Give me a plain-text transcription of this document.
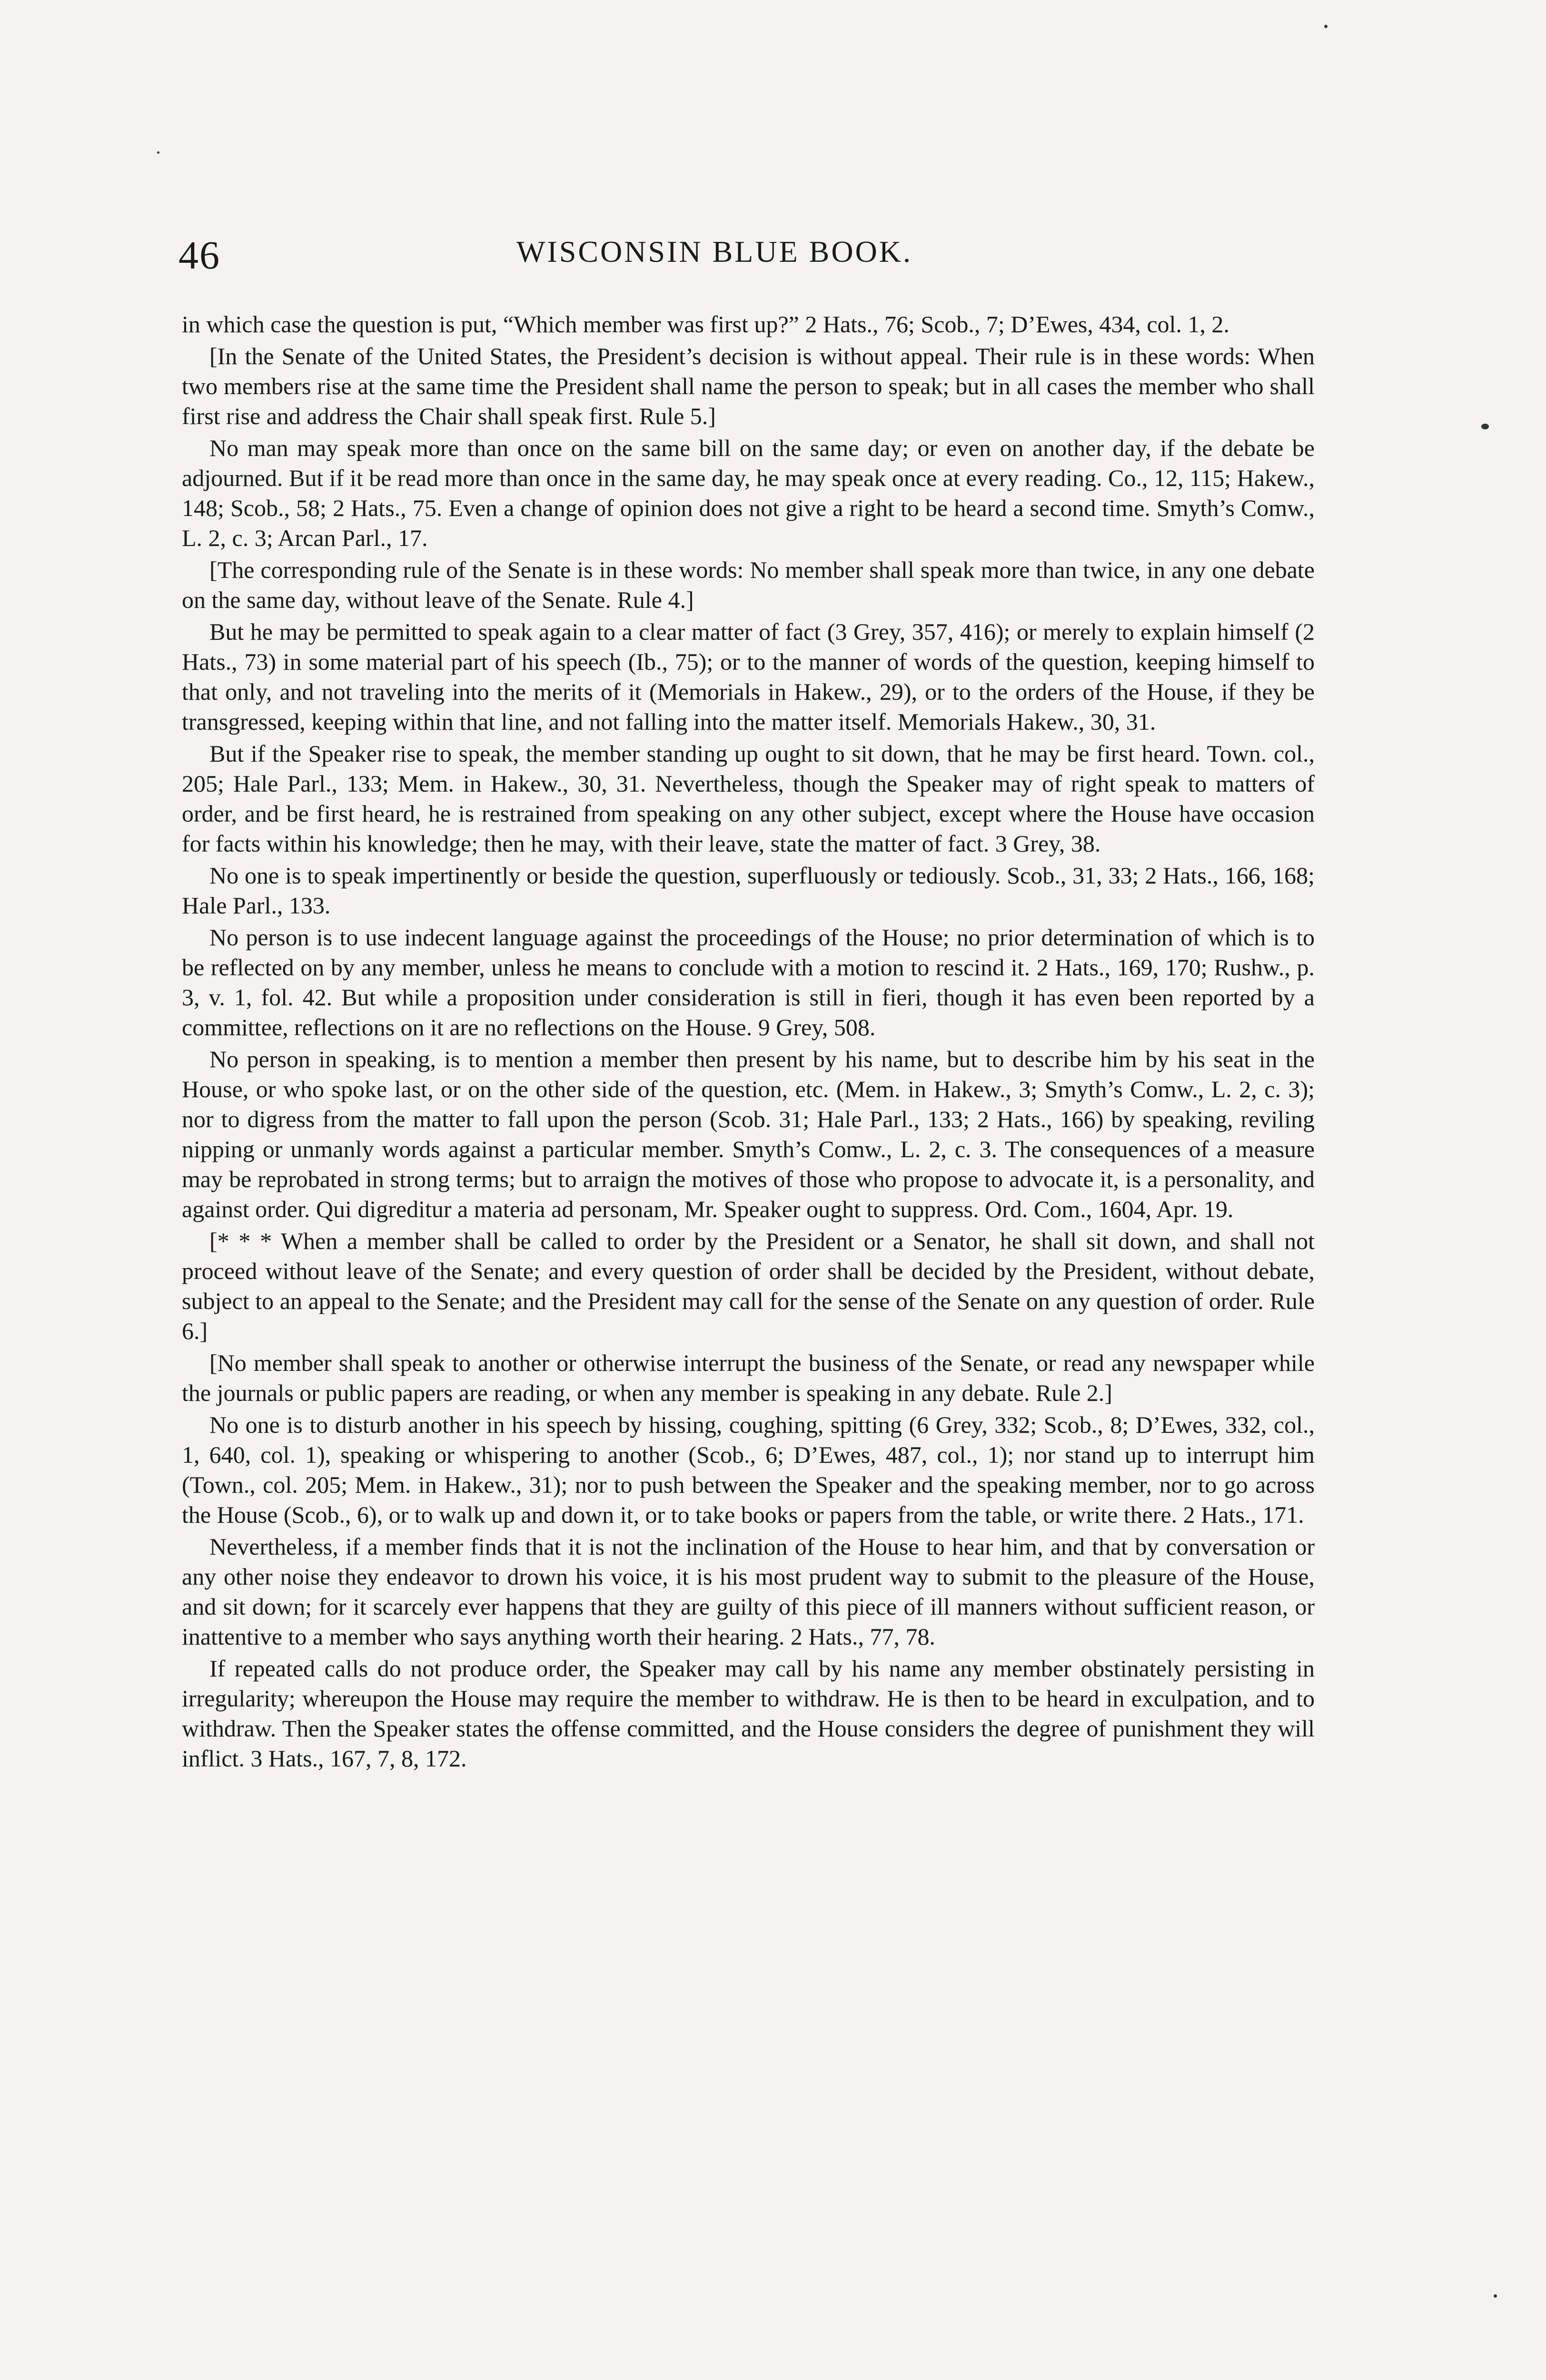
46	WISCONSIN BLUE BOOK.

in which case the question is put, “Which member was first up?” 2 Hats., 76; Scob., 7; D’Ewes, 434, col. 1, 2.

[In the Senate of the United States, the President’s decision is without appeal. Their rule is in these words: When two members rise at the same time the President shall name the person to speak; but in all cases the member who shall first rise and address the Chair shall speak first. Rule 5.]

No man may speak more than once on the same bill on the same day; or even on another day, if the debate be adjourned. But if it be read more than once in the same day, he may speak once at every reading. Co., 12, 115; Hakew., 148; Scob., 58; 2 Hats., 75. Even a change of opinion does not give a right to be heard a second time. Smyth’s Comw., L. 2, c. 3; Arcan Parl., 17.

[The corresponding rule of the Senate is in these words: No member shall speak more than twice, in any one debate on the same day, without leave of the Senate. Rule 4.]

But he may be permitted to speak again to a clear matter of fact (3 Grey, 357, 416); or merely to explain himself (2 Hats., 73) in some material part of his speech (Ib., 75); or to the manner of words of the question, keeping himself to that only, and not traveling into the merits of it (Memorials in Hakew., 29), or to the orders of the House, if they be transgressed, keeping within that line, and not falling into the matter itself. Memorials Hakew., 30, 31.

But if the Speaker rise to speak, the member standing up ought to sit down, that he may be first heard. Town. col., 205; Hale Parl., 133; Mem. in Hakew., 30, 31. Nevertheless, though the Speaker may of right speak to matters of order, and be first heard, he is restrained from speaking on any other subject, except where the House have occasion for facts within his knowledge; then he may, with their leave, state the matter of fact. 3 Grey, 38.

No one is to speak impertinently or beside the question, superfluously or tediously. Scob., 31, 33; 2 Hats., 166, 168; Hale Parl., 133.

No person is to use indecent language against the proceedings of the House; no prior determination of which is to be reflected on by any member, unless he means to conclude with a motion to rescind it. 2 Hats., 169, 170; Rushw., p. 3, v. 1, fol. 42. But while a proposition under consideration is still in fieri, though it has even been reported by a committee, reflections on it are no reflections on the House. 9 Grey, 508.

No person in speaking, is to mention a member then present by his name, but to describe him by his seat in the House, or who spoke last, or on the other side of the question, etc. (Mem. in Hakew., 3; Smyth’s Comw., L. 2, c. 3); nor to digress from the matter to fall upon the person (Scob. 31; Hale Parl., 133; 2 Hats., 166) by speaking, reviling nipping or unmanly words against a particular member. Smyth’s Comw., L. 2, c. 3. The consequences of a measure may be reprobated in strong terms; but to arraign the motives of those who propose to advocate it, is a personality, and against order. Qui digreditur a materia ad personam, Mr. Speaker ought to suppress. Ord. Com., 1604, Apr. 19.

[* * * When a member shall be called to order by the President or a Senator, he shall sit down, and shall not proceed without leave of the Senate; and every question of order shall be decided by the President, without debate, subject to an appeal to the Senate; and the President may call for the sense of the Senate on any question of order. Rule 6.]

[No member shall speak to another or otherwise interrupt the business of the Senate, or read any newspaper while the journals or public papers are reading, or when any member is speaking in any debate. Rule 2.]

No one is to disturb another in his speech by hissing, coughing, spitting (6 Grey, 332; Scob., 8; D’Ewes, 332, col., 1, 640, col. 1), speaking or whispering to another (Scob., 6; D’Ewes, 487, col., 1); nor stand up to interrupt him (Town., col. 205; Mem. in Hakew., 31); nor to push between the Speaker and the speaking member, nor to go across the House (Scob., 6), or to walk up and down it, or to take books or papers from the table, or write there. 2 Hats., 171.

Nevertheless, if a member finds that it is not the inclination of the House to hear him, and that by conversation or any other noise they endeavor to drown his voice, it is his most prudent way to submit to the pleasure of the House, and sit down; for it scarcely ever happens that they are guilty of this piece of ill manners without sufficient reason, or inattentive to a member who says anything worth their hearing. 2 Hats., 77, 78.

If repeated calls do not produce order, the Speaker may call by his name any member obstinately persisting in irregularity; whereupon the House may require the member to withdraw. He is then to be heard in exculpation, and to withdraw. Then the Speaker states the offense committed, and the House considers the degree of punishment they will inflict. 3 Hats., 167, 7, 8, 172.
